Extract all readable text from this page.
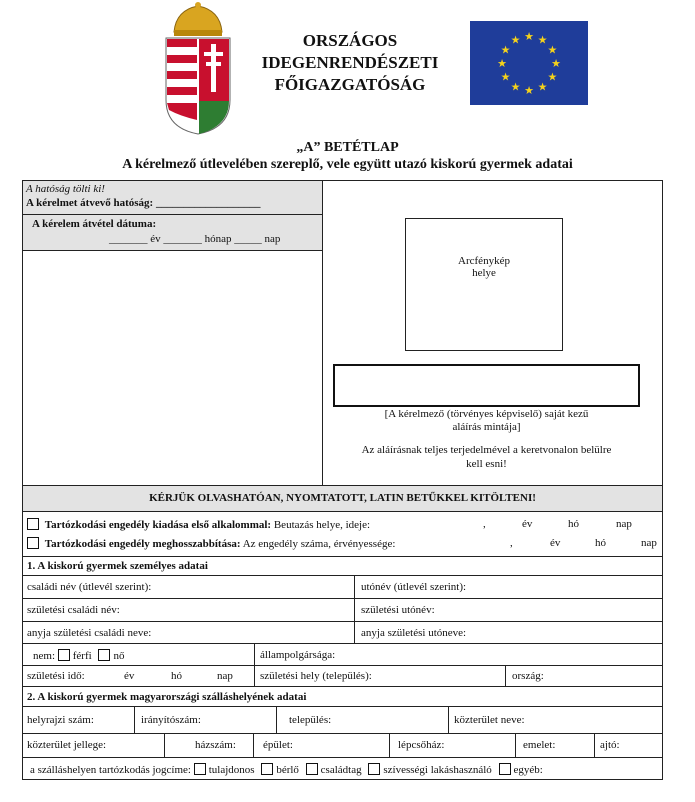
ORSZÁGOS
IDEGENRENDÉSZETI
FŐIGAZGATÓSÁG
★ ★
★
★
★
★
★
★
★
★
★
★
„A” BETÉTLAP
A kérelmező útlevelében szereplő, vele együtt utazó kiskorú gyermek adatai
A hatóság tölti ki!
A kérelmet átvevő hatóság: ___________________
A kérelem átvétel dátuma:
_______ év _______ hónap _____ nap
Arcfénykép
helye
[A kérelmező (törvényes képviselő) saját kezű
aláírás mintája]
Az aláírásnak teljes terjedelmével a keretvonalon belülre
kell esni!
KÉRJÜK OLVASHATÓAN, NYOMTATOTT, LATIN BETŰKKEL KITÖLTENI!
Tartózkodási engedély kiadása első alkalommal: Beutazás helye, ideje:	,	év	hó	nap
Tartózkodási engedély meghosszabbítása: Az engedély száma, érvényessége:	,	év	hó	nap
1. A kiskorú gyermek személyes adatai
családi név (útlevél szerint):	utónév (útlevél szerint):
születési családi név:	születési utónév:
anyja születési családi neve:	anyja születési utóneve:
nem: férfi nő	állampolgársága:
születési idő:	év	hó	nap születési hely (település):	ország:
2. A kiskorú gyermek magyarországi szálláshelyének adatai
helyrajzi szám:	irányítószám:	település:	közterület neve:
közterület jellege:	házszám: épület:	lépcsőház:	emelet:	ajtó:
a szálláshelyen tartózkodás jogcíme: tulajdonos bérlő családtag szívességi lakáshasználó egyéb:
